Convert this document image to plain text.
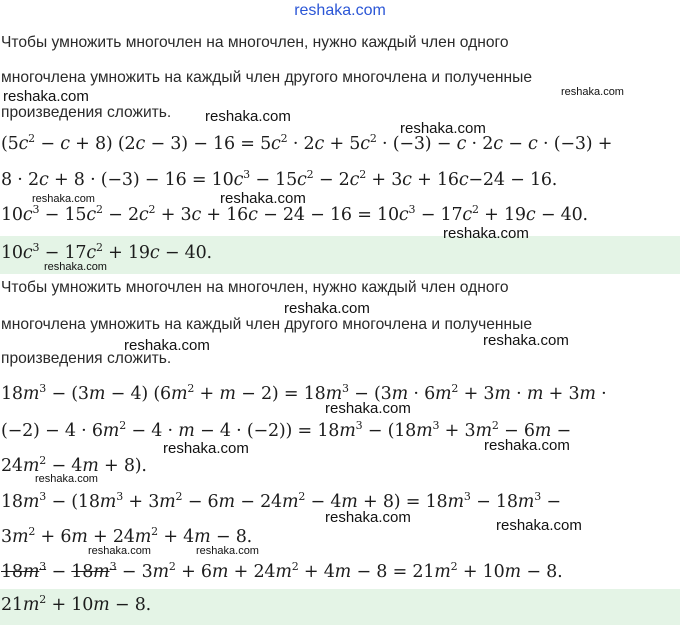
reshaka.com
Чтобы умножить многочлен на многочлен, нужно каждый член одного
многочлена умножить на каждый член другого многочлена и полученные
произведения сложить.
$(5c^2 - c + 8) (2c - 3) - 16 = 5c^2 \cdot 2c + 5c^2 \cdot (-3) - c \cdot 2c - c \cdot (-3)$ +
$8 \cdot 2c + 8 \cdot (-3) - 16 = 10c^3 - 15c^2 - 2c^2 + 3c + 16c-24 - 16$.
$10c^3 - 15c^2 - 2c^2 + 3c + 16c - 24 - 16 = 10c^3 - 17c^2 + 19c - 40$.
$10c^3 - 17c^2 + 19c - 40$.
Чтобы умножить многочлен на многочлен, нужно каждый член одного
многочлена умножить на каждый член другого многочлена и полученные
произведения сложить.
$18m^3 - (3m - 4) (6m^2 + m - 2) = 18m^3 - (3m \cdot 6m^2 + 3m \cdot m + 3m$ ·
$(-2) - 4 \cdot 6m^2 - 4 \cdot m - 4 \cdot (-2)) = 18m^3 - (18m^3 + 3m^2 - 6m$ −
$24m^2 - 4m + 8$).
$18m^3 - (18m^3 + 3m^2 - 6m - 24m^2 - 4m + 8) = 18m^3 - 18m^3$ −
$3m^2 + 6m + 24m^2 + 4m - 8$.
$18m^3 - 18m^3 - 3m^2 + 6m + 24m^2 + 4m - 8 = 21m^2 + 10m - 8$.
$21m^2 + 10m - 8$.
reshaka.com
reshaka.com
reshaka.com
reshaka.com
reshaka.com	reshaka.com
reshaka.com
reshaka.com
reshaka.com
reshaka.com
reshaka.com
reshaka.com
reshaka.com	reshaka.com
reshaka.com
reshaka.com	reshaka.com
reshaka.com	reshaka.com
